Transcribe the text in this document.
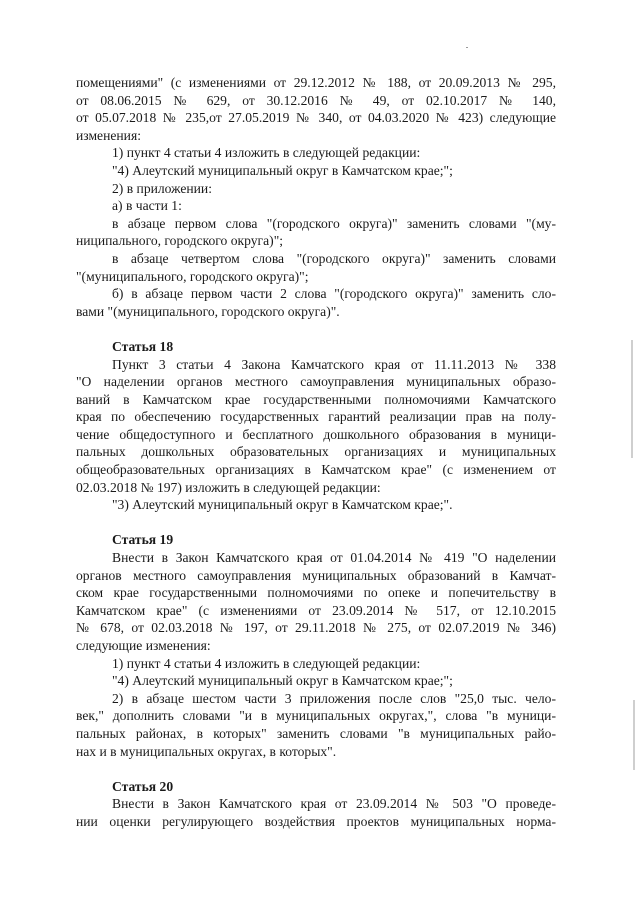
помещениями" (с изменениями от 29.12.2012 № 188, от 20.09.2013 № 295,

от 08.06.2015 № 629, от 30.12.2016 № 49, от 02.10.2017 № 140,

от 05.07.2018 № 235,от 27.05.2019 № 340, от 04.03.2020 № 423) следующие

изменения:

1) пункт 4 статьи 4 изложить в следующей редакции:

"4) Алеутский муниципальный округ в Камчатском крае;";

2) в приложении:

а) в части 1:

в абзаце первом слова "(городского округа)" заменить словами "(му-

ниципального, городского округа)";

в абзаце четвертом слова "(городского округа)" заменить словами

"(муниципального, городского округа)";

б) в абзаце первом части 2 слова "(городского округа)" заменить сло-

вами "(муниципального, городского округа)".

Статья 18

Пункт 3 статьи 4 Закона Камчатского края от 11.11.2013 № 338

"О наделении органов местного самоуправления муниципальных образо-

ваний в Камчатском крае государственными полномочиями Камчатского

края по обеспечению государственных гарантий реализации прав на полу-

чение общедоступного и бесплатного дошкольного образования в муници-

пальных дошкольных образовательных организациях и муниципальных

общеобразовательных организациях в Камчатском крае" (с изменением от

02.03.2018 № 197) изложить в следующей редакции:

"3) Алеутский муниципальный округ в Камчатском крае;".

Статья 19

Внести в Закон Камчатского края от 01.04.2014 № 419 "О наделении

органов местного самоуправления муниципальных образований в Камчат-

ском крае государственными полномочиями по опеке и попечительству в

Камчатском крае" (с изменениями от 23.09.2014 № 517, от 12.10.2015

№ 678, от 02.03.2018 № 197, от 29.11.2018 № 275, от 02.07.2019 № 346)

следующие изменения:

1) пункт 4 статьи 4 изложить в следующей редакции:

"4) Алеутский муниципальный округ в Камчатском крае;";

2) в абзаце шестом части 3 приложения после слов "25,0 тыс. чело-

век," дополнить словами "и в муниципальных округах,", слова "в муници-

пальных районах, в которых" заменить словами "в муниципальных райо-

нах и в муниципальных округах, в которых".

Статья 20

Внести в Закон Камчатского края от 23.09.2014 № 503 "О проведе-

нии оценки регулирующего воздействия проектов муниципальных норма-
